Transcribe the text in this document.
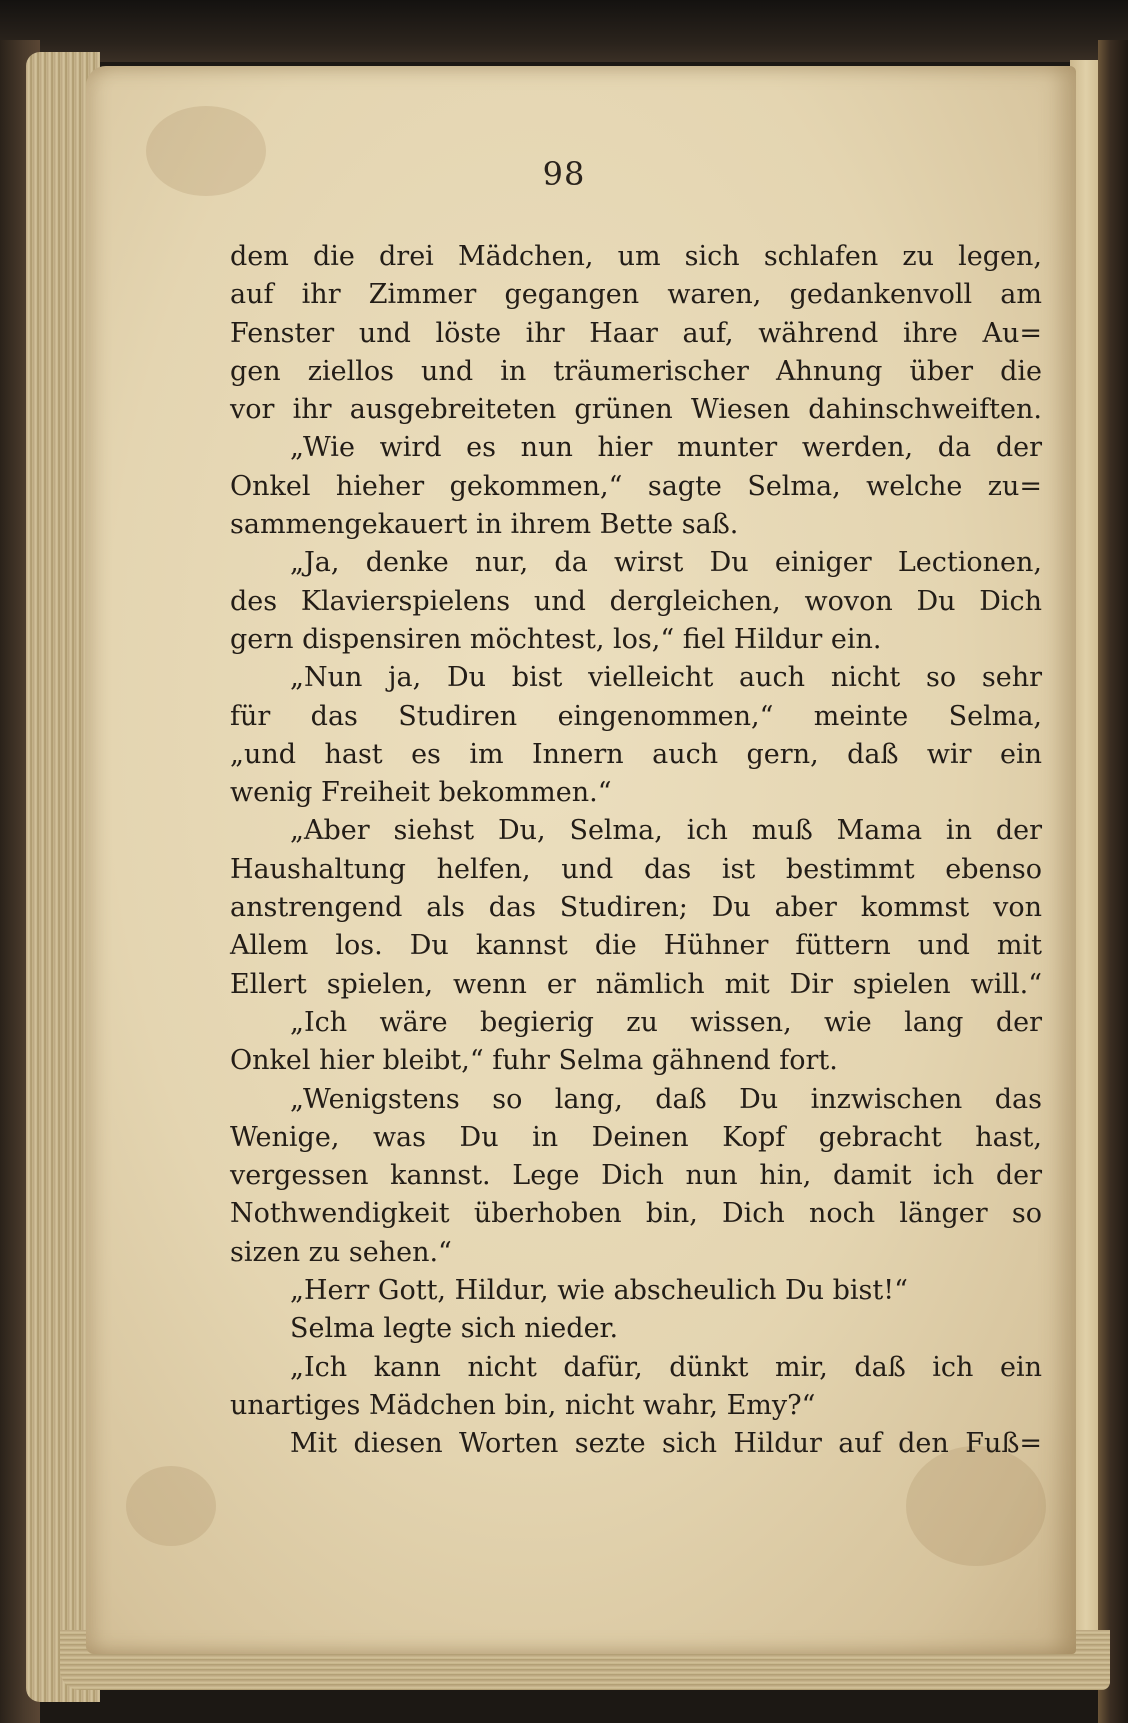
98
dem die drei Mädchen, um sich schlafen zu legen,
auf ihr Zimmer gegangen waren, gedankenvoll am
Fenster und löste ihr Haar auf, während ihre Au=
gen ziellos und in träumerischer Ahnung über die
vor ihr ausgebreiteten grünen Wiesen dahinschweiften.
„Wie wird es nun hier munter werden, da der
Onkel hieher gekommen,“ sagte Selma, welche zu=
sammengekauert in ihrem Bette saß.
„Ja, denke nur, da wirst Du einiger Lectionen,
des Klavierspielens und dergleichen, wovon Du Dich
gern dispensiren möchtest, los,“ fiel Hildur ein.
„Nun ja, Du bist vielleicht auch nicht so sehr
für das Studiren eingenommen,“ meinte Selma,
„und hast es im Innern auch gern, daß wir ein
wenig Freiheit bekommen.“
„Aber siehst Du, Selma, ich muß Mama in der
Haushaltung helfen, und das ist bestimmt ebenso
anstrengend als das Studiren; Du aber kommst von
Allem los. Du kannst die Hühner füttern und mit
Ellert spielen, wenn er nämlich mit Dir spielen will.“
„Ich wäre begierig zu wissen, wie lang der
Onkel hier bleibt,“ fuhr Selma gähnend fort.
„Wenigstens so lang, daß Du inzwischen das
Wenige, was Du in Deinen Kopf gebracht hast,
vergessen kannst. Lege Dich nun hin, damit ich der
Nothwendigkeit überhoben bin, Dich noch länger so
sizen zu sehen.“
„Herr Gott, Hildur, wie abscheulich Du bist!“
Selma legte sich nieder.
„Ich kann nicht dafür, dünkt mir, daß ich ein
unartiges Mädchen bin, nicht wahr, Emy?“
Mit diesen Worten sezte sich Hildur auf den Fuß=
